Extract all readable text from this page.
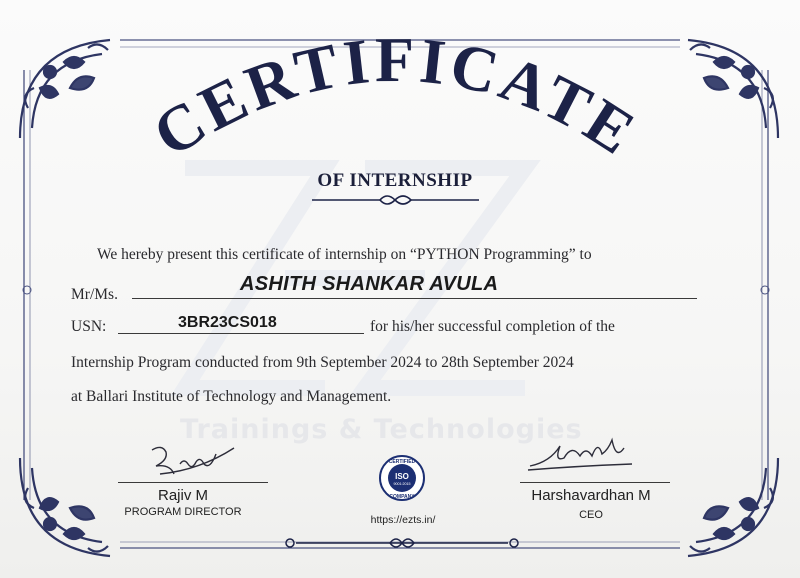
Trainings & Technologies
CERTIFICATE
OF INTERNSHIP
We hereby present this certificate of internship on “PYTHON Programming” to
Mr/Ms.	ASHITH SHANKAR AVULA
USN:	3BR23CS018	for his/her successful completion of the
Internship Program conducted from 9th September 2024 to 28th September 2024
at Ballari Institute of Technology and Management.
Rajiv M
PROGRAM DIRECTOR
Harshavardhan M
CEO
CERTIFIED
ISO
9001:2015
COMPANY
https://ezts.in/
